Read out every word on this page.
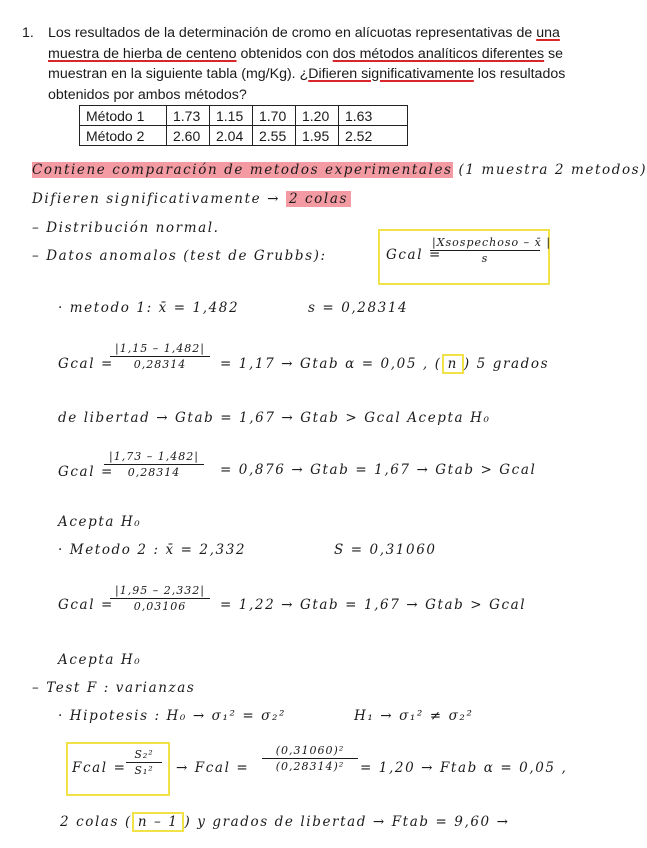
1. Los resultados de la determinación de cromo en alícuotas representativas de una muestra de hierba de centeno obtenidos con dos métodos analíticos diferentes se muestran en la siguiente tabla (mg/Kg). ¿Difieren significativamente los resultados obtenidos por ambos métodos?
Método 1	1.73	1.15	1.70	1.20	1.63
Método 2	2.60	2.04	2.55	1.95	2.52
Contiene comparación de metodos experimentales (1 muestra 2 metodos)
Difieren significativamente → 2 colas
– Distribución normal.
– Datos anomalos (test de Grubbs):	Gcal =
|Xsospechoso – x̄ |
s
· metodo 1: x̄ = 1,482	s = 0,28314
Gcal =
$\frac{|1,15 - 1,482|}{0,28314} = 1,17$ → Gtab α = 0,05 , ( n ) 5 grados
de libertad → Gtab = 1,67 → Gtab > Gcal Acepta H₀
Gcal =
$\frac{|1,73 - 1,482|}{0,28314} = 0,876$ → Gtab = 1,67 → Gtab > Gcal
Acepta H₀
· Metodo 2 : x̄ = 2,332	S = 0,31060
Gcal =
$\frac{|1,95 - 2,332|}{0,03106} = 1,22$ → Gtab = 1,67 → Gtab > Gcal
Acepta H₀
– Test F : varianzas
· Hipotesis : H₀ → σ₁² = σ₂²	H₁ → σ₁² ≠ σ₂²
Fcal = $\frac{\text{S₂²}}{\text{S₁²}}$ → Fcal = $\frac{\text{(0,31060)²}}{\text{(0,28314)²}} = 1,20$ → Ftab α = 0,05 ,
2 colas ( n – 1 ) y grados de libertad → Ftab = 9,60 →
